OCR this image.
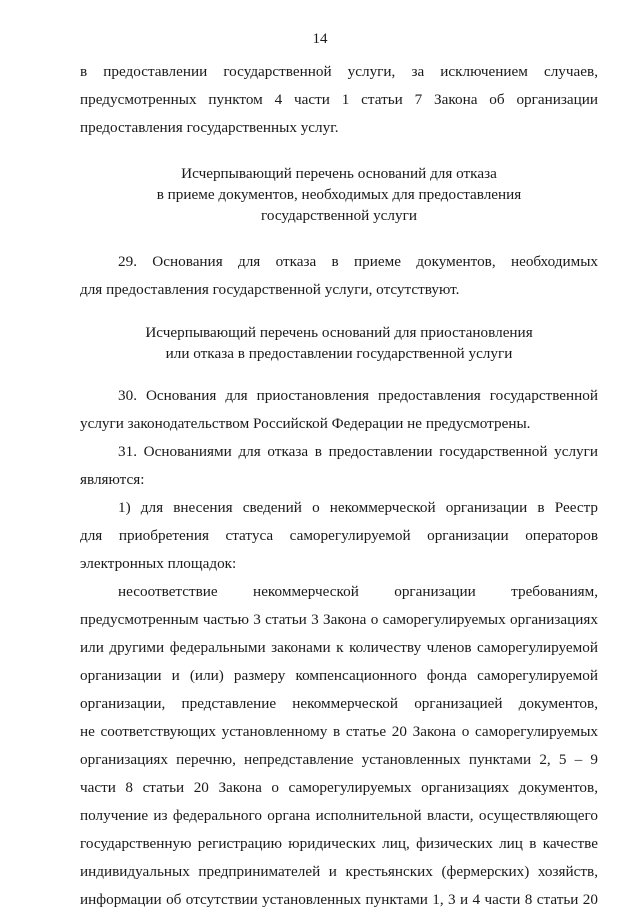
14
в предоставлении государственной услуги, за исключением случаев,
предусмотренных пунктом 4 части 1 статьи 7 Закона об организации
предоставления государственных услуг.
Исчерпывающий перечень оснований для отказа
в приеме документов, необходимых для предоставления
государственной услуги
29. Основания для отказа в приеме документов, необходимых
для предоставления государственной услуги, отсутствуют.
Исчерпывающий перечень оснований для приостановления
или отказа в предоставлении государственной услуги
30. Основания для приостановления предоставления государственной
услуги законодательством Российской Федерации не предусмотрены.
31. Основаниями для отказа в предоставлении государственной услуги
являются:
1) для внесения сведений о некоммерческой организации в Реестр
для приобретения статуса саморегулируемой организации операторов
электронных площадок:
несоответствие некоммерческой организации требованиям,
предусмотренным частью 3 статьи 3 Закона о саморегулируемых организациях
или другими федеральными законами к количеству членов саморегулируемой
организации и (или) размеру компенсационного фонда саморегулируемой
организации, представление некоммерческой организацией документов,
не соответствующих установленному в статье 20 Закона о саморегулируемых
организациях перечню, непредставление установленных пунктами 2, 5 – 9
части 8 статьи 20 Закона о саморегулируемых организациях документов,
получение из федерального органа исполнительной власти, осуществляющего
государственную регистрацию юридических лиц, физических лиц в качестве
индивидуальных предпринимателей и крестьянских (фермерских) хозяйств,
информации об отсутствии установленных пунктами 1, 3 и 4 части 8 статьи 20
